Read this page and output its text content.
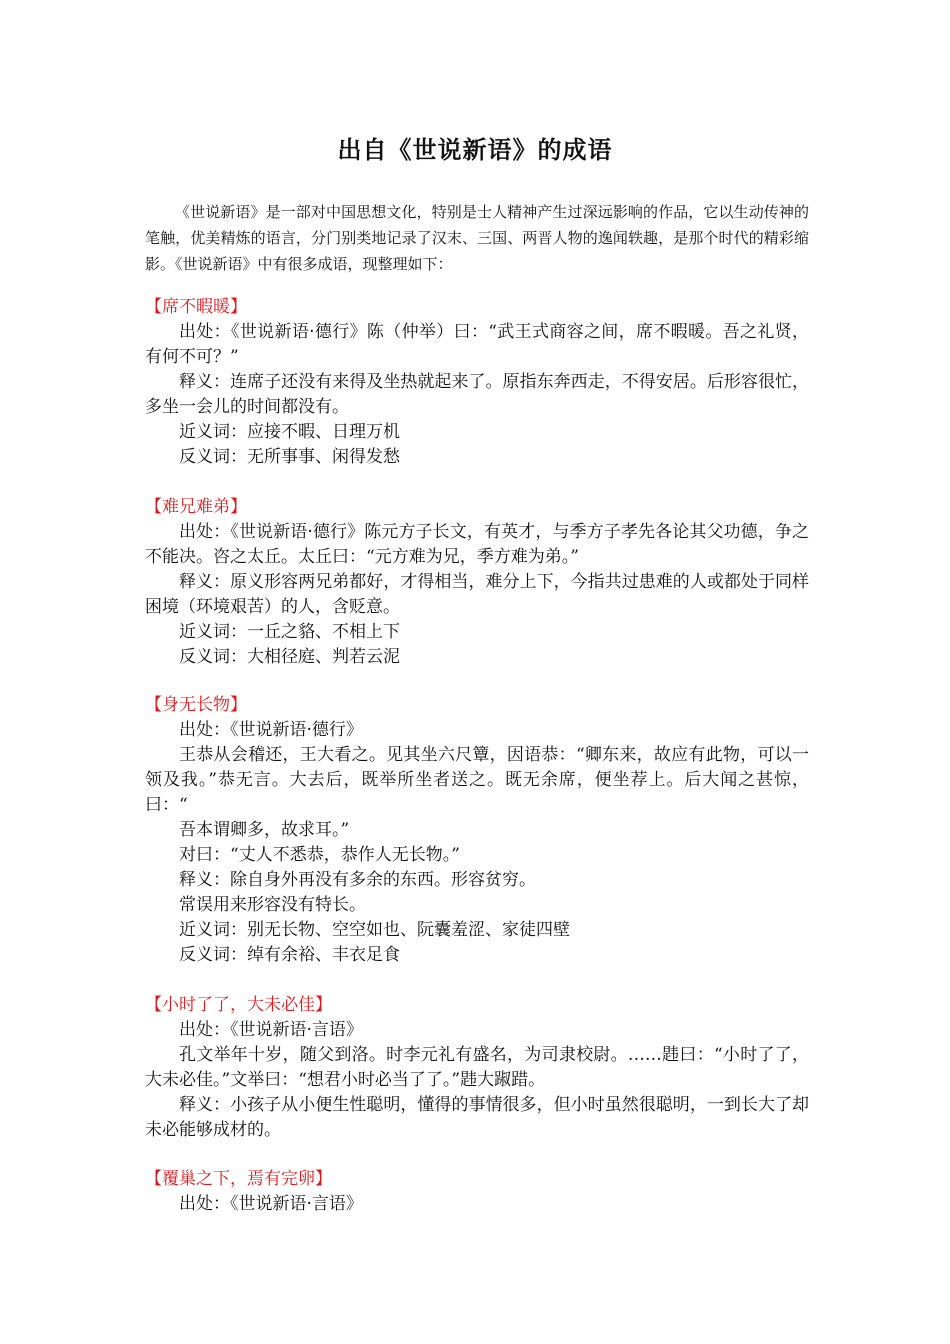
出自《世说新语》的成语

《世说新语》是一部对中国思想文化，特别是士人精神产生过深远影响的作品，它以生动传神的笔触，优美精炼的语言，分门别类地记录了汉末、三国、两晋人物的逸闻轶趣，是那个时代的精彩缩影。《世说新语》中有很多成语，现整理如下：

【席不暇暖】

出处：《世说新语·德行》陈（仲举）曰：“武王式商容之间，席不暇暖。吾之礼贤，有何不可？”

释义：连席子还没有来得及坐热就起来了。原指东奔西走，不得安居。后形容很忙，多坐一会儿的时间都没有。

近义词：应接不暇、日理万机

反义词：无所事事、闲得发愁

【难兄难弟】

出处：《世说新语·德行》陈元方子长文，有英才，与季方子孝先各论其父功德，争之不能决。咨之太丘。太丘曰：“元方难为兄，季方难为弟。”

释义：原义形容两兄弟都好，才得相当，难分上下，今指共过患难的人或都处于同样困境（环境艰苦）的人，含贬意。

近义词：一丘之貉、不相上下

反义词：大相径庭、判若云泥

【身无长物】

出处：《世说新语·德行》

王恭从会稽还，王大看之。见其坐六尺簟，因语恭：“卿东来，故应有此物，可以一领及我。”恭无言。大去后，既举所坐者送之。既无余席，便坐荐上。后大闻之甚惊，曰：“

吾本谓卿多，故求耳。”

对曰：“丈人不悉恭，恭作人无长物。”

释义：除自身外再没有多余的东西。形容贫穷。

常误用来形容没有特长。

近义词：别无长物、空空如也、阮囊羞涩、家徒四壁

反义词：绰有余裕、丰衣足食

【小时了了，大未必佳】

出处：《世说新语·言语》

孔文举年十岁，随父到洛。时李元礼有盛名，为司隶校尉。……韪曰：“小时了了，大未必佳。”文举曰：“想君小时必当了了。”韪大踧踖。

释义：小孩子从小便生性聪明，懂得的事情很多，但小时虽然很聪明，一到长大了却未必能够成材的。

【覆巢之下，焉有完卵】

出处：《世说新语·言语》
